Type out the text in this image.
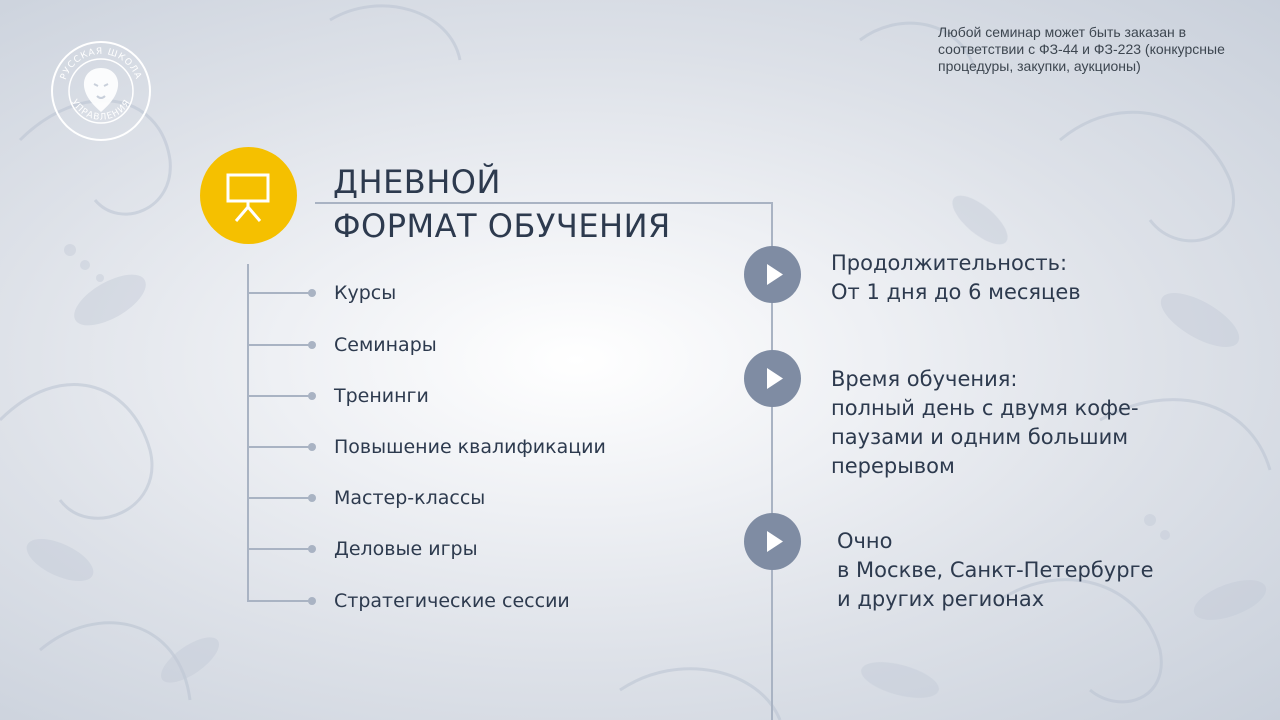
РУССКАЯ ШКОЛА
УПРАВЛЕНИЯ
Любой семинар может быть заказан в
соответствии с ФЗ-44 и ФЗ-223 (конкурсные
процедуры, закупки, аукционы)
ДНЕВНОЙ
ФОРМАТ ОБУЧЕНИЯ
Курсы
Семинары
Тренинги
Повышение квалификации
Мастер-классы
Деловые игры
Стратегические сессии
Продолжительность:
От 1 дня до 6 месяцев
Время обучения:
полный день с двумя кофе-
паузами и одним большим
перерывом
Очно
в Москве, Санкт-Петербурге
и других регионах
